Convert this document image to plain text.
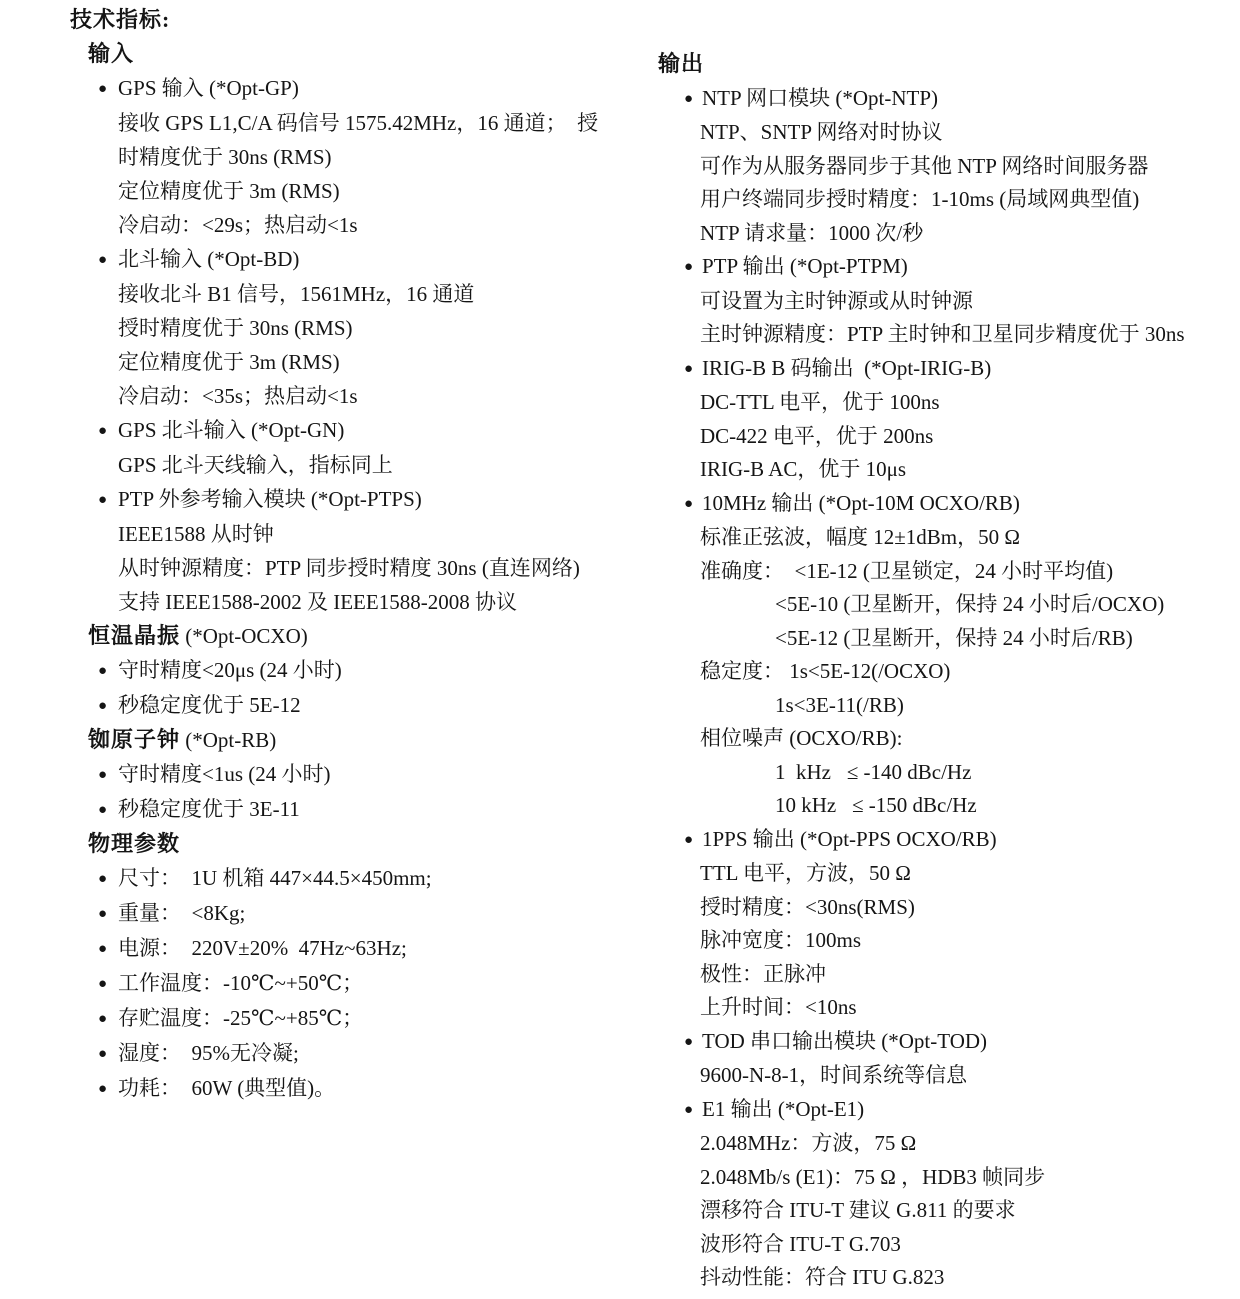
技术指标:
输入
● GPS 输入 (*Opt-GP)
接收 GPS L1,C/A 码信号 1575.42MHz，16 通道；  授
时精度优于 30ns (RMS)
定位精度优于 3m (RMS)
冷启动：<29s；热启动<1s
● 北斗输入 (*Opt-BD)
接收北斗 B1 信号，1561MHz，16 通道
授时精度优于 30ns (RMS)
定位精度优于 3m (RMS)
冷启动：<35s；热启动<1s
● GPS 北斗输入 (*Opt-GN)
GPS 北斗天线输入，指标同上
● PTP 外参考输入模块 (*Opt-PTPS)
IEEE1588 从时钟
从时钟源精度：PTP 同步授时精度 30ns (直连网络)
支持 IEEE1588-2002 及 IEEE1588-2008 协议
恒温晶振 (*Opt-OCXO)
● 守时精度<20μs (24 小时)
● 秒稳定度优于 5E-12
铷原子钟 (*Opt-RB)
● 守时精度<1us (24 小时)
● 秒稳定度优于 3E-11
物理参数
● 尺寸：  1U 机箱 447×44.5×450mm;
● 重量：  <8Kg;
● 电源：  220V±20%  47Hz~63Hz;
● 工作温度：-10℃~+50℃；
● 存贮温度：-25℃~+85℃；
● 湿度：  95%无冷凝;
● 功耗：  60W (典型值)。
输出
● NTP 网口模块 (*Opt-NTP)
NTP、SNTP 网络对时协议
可作为从服务器同步于其他 NTP 网络时间服务器
用户终端同步授时精度：1-10ms (局域网典型值)
NTP 请求量：1000 次/秒
● PTP 输出 (*Opt-PTPM)
可设置为主时钟源或从时钟源
主时钟源精度：PTP 主时钟和卫星同步精度优于 30ns
● IRIG-B B 码输出  (*Opt-IRIG-B)
DC-TTL 电平，优于 100ns
DC-422 电平，优于 200ns
IRIG-B AC，优于 10μs
● 10MHz 输出 (*Opt-10M OCXO/RB)
标准正弦波，幅度 12±1dBm，50 Ω
准确度：  <1E-12 (卫星锁定，24 小时平均值)
<5E-10 (卫星断开，保持 24 小时后/OCXO)
<5E-12 (卫星断开，保持 24 小时后/RB)
稳定度： 1s<5E-12(/OCXO)
1s<3E-11(/RB)
相位噪声 (OCXO/RB):
1  kHz   ≤ -140 dBc/Hz
10 kHz   ≤ -150 dBc/Hz
● 1PPS 输出 (*Opt-PPS OCXO/RB)
TTL 电平，方波，50 Ω
授时精度：<30ns(RMS)
脉冲宽度：100ms
极性：正脉冲
上升时间：<10ns
● TOD 串口输出模块 (*Opt-TOD)
9600-N-8-1，时间系统等信息
● E1 输出 (*Opt-E1)
2.048MHz：方波，75 Ω
2.048Mb/s (E1)：75 Ω ，HDB3 帧同步
漂移符合 ITU-T 建议 G.811 的要求
波形符合 ITU-T G.703
抖动性能：符合 ITU G.823
